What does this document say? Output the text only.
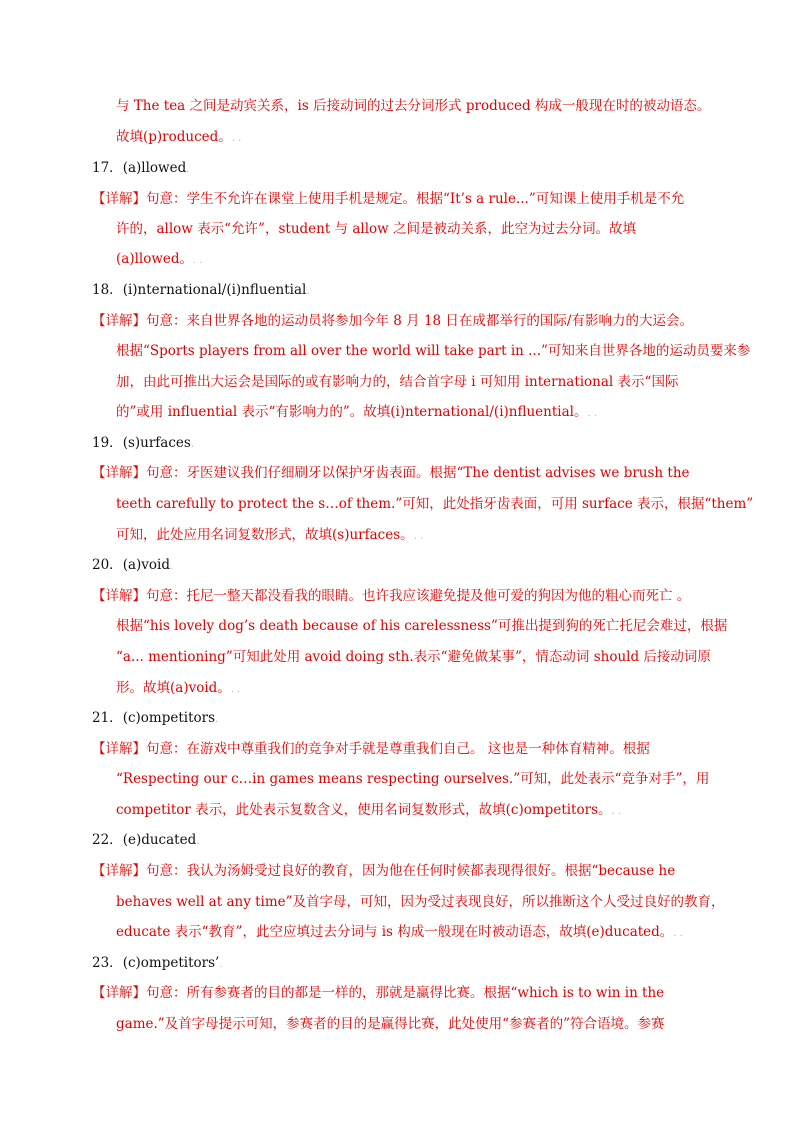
与 The tea 之间是动宾关系，is 后接动词的过去分词形式 produced 构成一般现在时的被动语态。
故填(p)roduced。. .
17．(a)llowed.
【详解】句意：学生不允许在课堂上使用手机是规定。根据“It’s a rule...”可知课上使用手机是不允
许的，allow 表示“允许”，student 与 allow 之间是被动关系，此空为过去分词。故填
(a)llowed。. .
18．(i)nternational/(i)nfluential.
【详解】句意：来自世界各地的运动员将参加今年 8 月 18 日在成都举行的国际/有影响力的大运会。
根据“Sports players from all over the world will take part in ...”可知来自世界各地的运动员要来参
加，由此可推出大运会是国际的或有影响力的，结合首字母 i 可知用 international 表示“国际
的”或用 influential 表示“有影响力的”。故填(i)nternational/(i)nfluential。. .
19．(s)urfaces.
【详解】句意：牙医建议我们仔细刷牙以保护牙齿表面。根据“The dentist advises we brush the
teeth carefully to protect the s…of them.”可知，此处指牙齿表面，可用 surface 表示，根据“them”
可知，此处应用名词复数形式，故填(s)urfaces。. .
20．(a)void.
【详解】句意：托尼一整天都没看我的眼睛。也许我应该避免提及他可爱的狗因为他的粗心而死亡 。
根据“his lovely dog’s death because of his carelessness”可推出提到狗的死亡托尼会难过，根据
“a... mentioning”可知此处用 avoid doing sth.表示“避免做某事”，情态动词 should 后接动词原
形。故填(a)void。. .
21．(c)ompetitors.
【详解】句意：在游戏中尊重我们的竞争对手就是尊重我们自己。 这也是一种体育精神。根据
“Respecting our c…in games means respecting ourselves.”可知，此处表示“竞争对手”，用
competitor 表示，此处表示复数含义，使用名词复数形式，故填(c)ompetitors。. .
22．(e)ducated.
【详解】句意：我认为汤姆受过良好的教育，因为他在任何时候都表现得很好。根据“because he
behaves well at any time”及首字母，可知，因为受过表现良好，所以推断这个人受过良好的教育，
educate 表示“教育”，此空应填过去分词与 is 构成一般现在时被动语态，故填(e)ducated。. .
23．(c)ompetitors’.
【详解】句意：所有参赛者的目的都是一样的，那就是赢得比赛。根据“which is to win in the
game.”及首字母提示可知，参赛者的目的是赢得比赛，此处使用“参赛者的”符合语境。参赛
